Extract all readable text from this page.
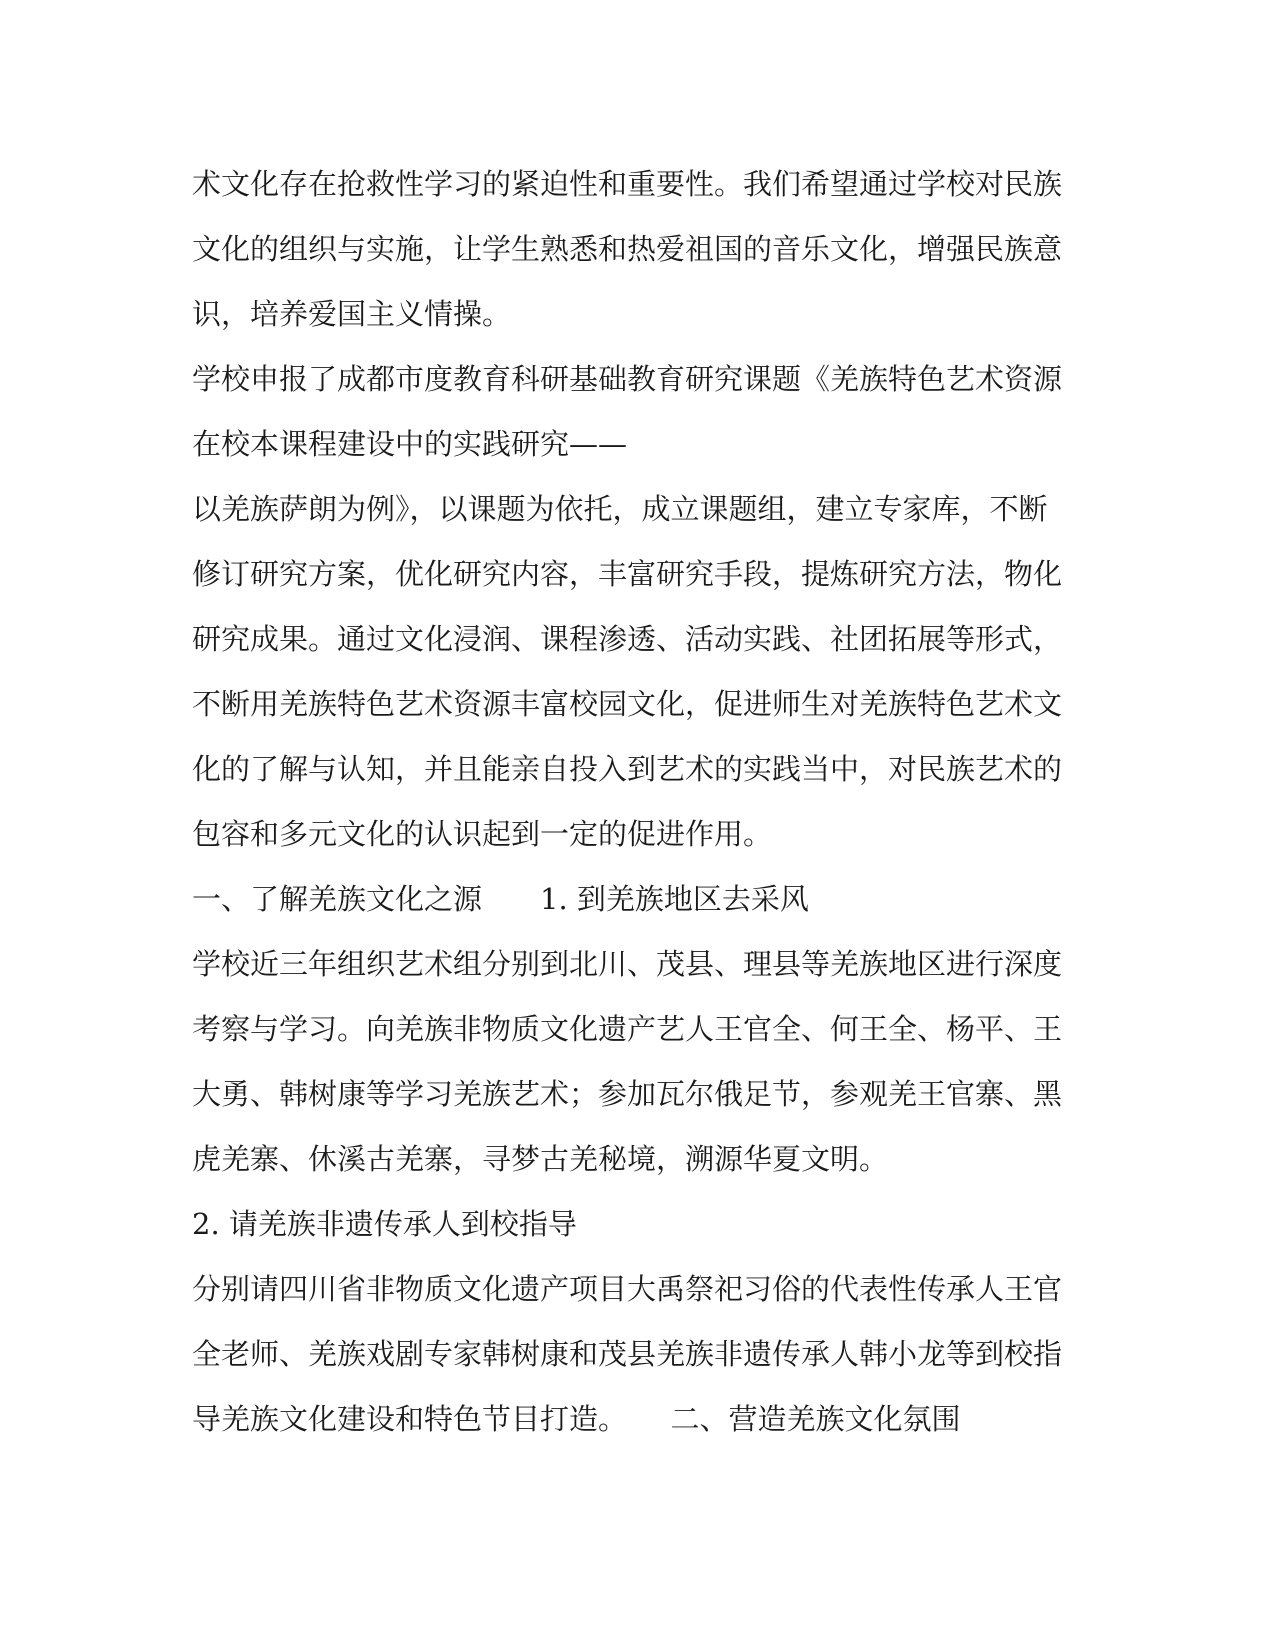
术文化存在抢救性学习的紧迫性和重要性。我们希望通过学校对民族

文化的组织与实施，让学生熟悉和热爱祖国的音乐文化，增强民族意

识，培养爱国主义情操。

学校申报了成都市度教育科研基础教育研究课题《羌族特色艺术资源

在校本课程建设中的实践研究——

以羌族萨朗为例》，以课题为依托，成立课题组，建立专家库，不断

修订研究方案，优化研究内容，丰富研究手段，提炼研究方法，物化

研究成果。通过文化浸润、课程渗透、活动实践、社团拓展等形式，

不断用羌族特色艺术资源丰富校园文化，促进师生对羌族特色艺术文

化的了解与认知，并且能亲自投入到艺术的实践当中，对民族艺术的

包容和多元文化的认识起到一定的促进作用。

一、了解羌族文化之源　　1. 到羌族地区去采风

学校近三年组织艺术组分别到北川、茂县、理县等羌族地区进行深度

考察与学习。向羌族非物质文化遗产艺人王官全、何王全、杨平、王

大勇、韩树康等学习羌族艺术；参加瓦尔俄足节，参观羌王官寨、黑

虎羌寨、休溪古羌寨，寻梦古羌秘境，溯源华夏文明。

2. 请羌族非遗传承人到校指导

分别请四川省非物质文化遗产项目大禹祭祀习俗的代表性传承人王官

全老师、羌族戏剧专家韩树康和茂县羌族非遗传承人韩小龙等到校指

导羌族文化建设和特色节目打造。　　二、营造羌族文化氛围
